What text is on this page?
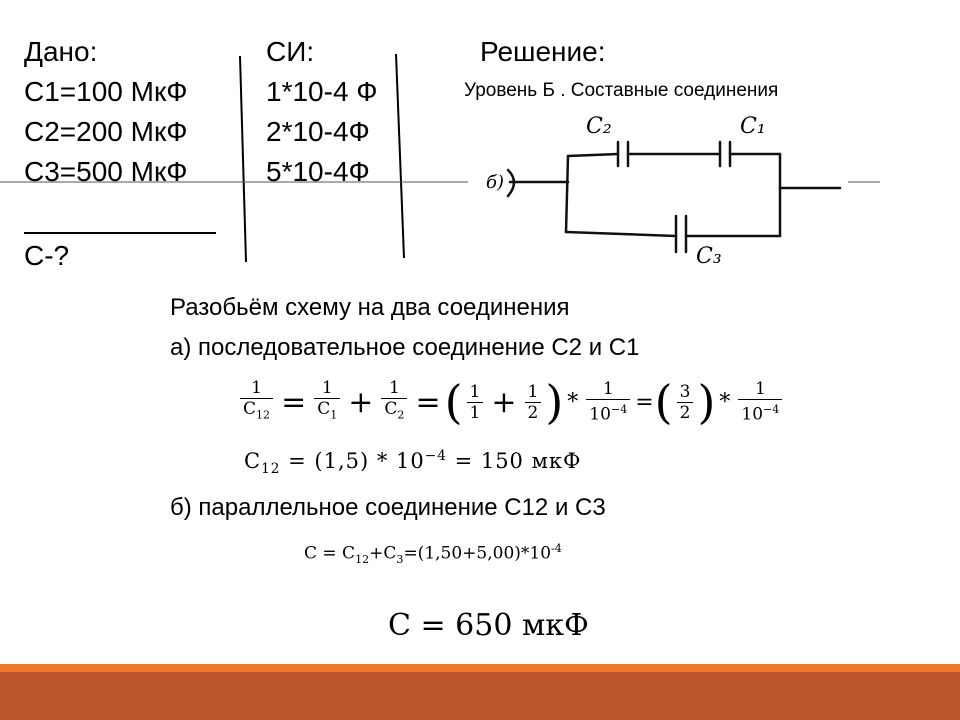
Дано:
C1=100 МкФ
C2=200 МкФ
C3=500 МкФ
C-?
СИ:
1*10-4 Ф
2*10-4Ф
5*10-4Ф
Решение:
Уровень Б . Составные соединения
б)
C₂	C₁
C₃
Разобьём схему на два соединения
а) последовательное соединение C2 и C1
$\frac{1}{C_{12}} = \frac{1}{C_1} + \frac{1}{C_2}$ = ( $\frac{1}{1} + \frac{1}{2}$ ) * $\frac{1}{10^{-4}}$ = ( $\frac{3}{2}$ ) * $\frac{1}{10^{-4}}$
$C_{12} = (1,5) * 10^{-4} = 150$ мкФ
б) параллельное соединение C12 и C3
$C = C_{12}+C_3=(1,50+5,00)*10^{-4}$
C = 650 мкФ
